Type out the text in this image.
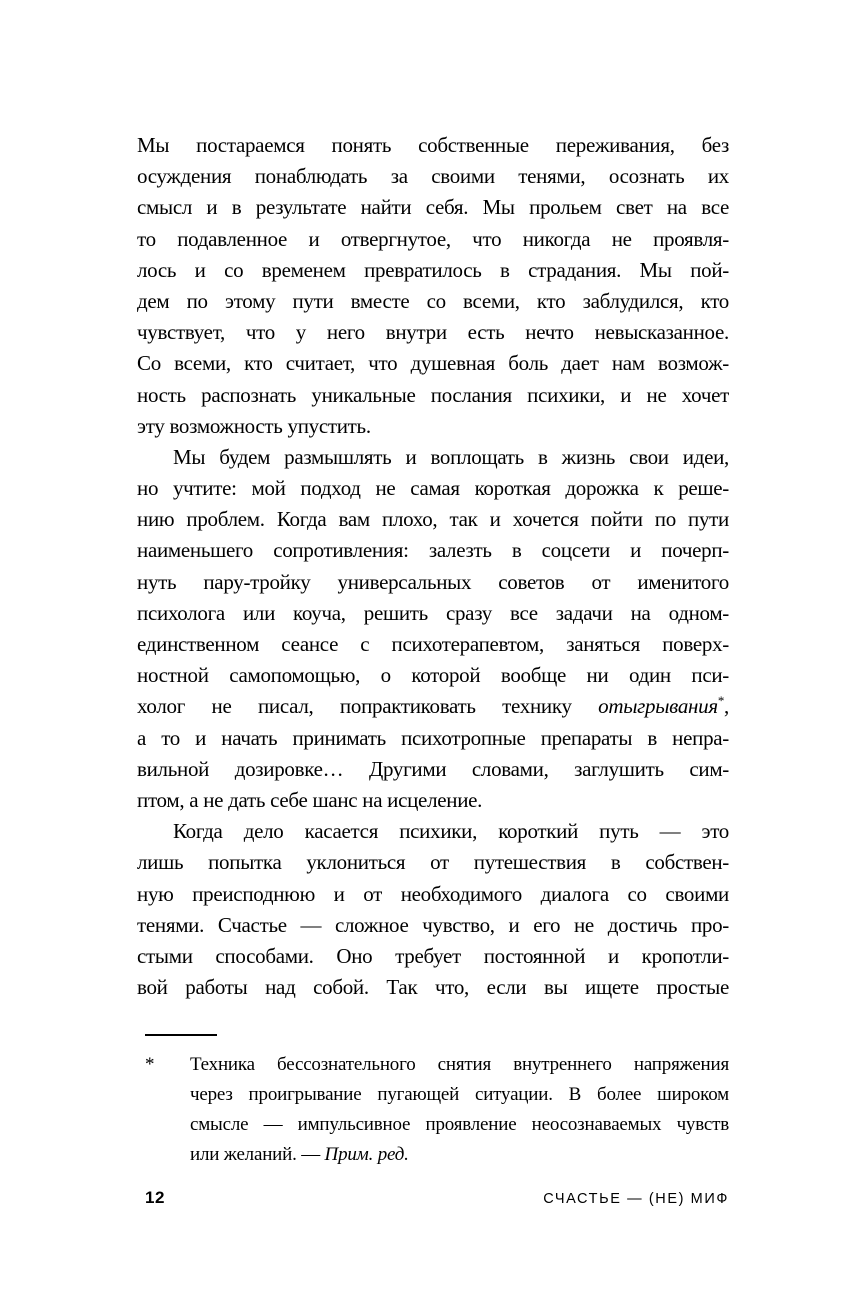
Мы постараемся понять собственные переживания, без
осуждения понаблюдать за своими тенями, осознать их
смысл и в результате найти себя. Мы прольем свет на все
то подавленное и отвергнутое, что никогда не проявля-
лось и со временем превратилось в страдания. Мы пой-
дем по этому пути вместе со всеми, кто заблудился, кто
чувствует, что у него внутри есть нечто невысказанное.
Со всеми, кто считает, что душевная боль дает нам возмож-
ность распознать уникальные послания психики, и не хочет
эту возможность упустить.
Мы будем размышлять и воплощать в жизнь свои идеи,
но учтите: мой подход не самая короткая дорожка к реше-
нию проблем. Когда вам плохо, так и хочется пойти по пути
наименьшего сопротивления: залезть в соцсети и почерп-
нуть пару-тройку универсальных советов от именитого
психолога или коуча, решить сразу все задачи на одном-
единственном сеансе с психотерапевтом, заняться поверх-
ностной самопомощью, о которой вообще ни один пси-
холог не писал, попрактиковать технику отыгрывания*,
а то и начать принимать психотропные препараты в непра-
вильной дозировке… Другими словами, заглушить сим-
птом, а не дать себе шанс на исцеление.
Когда дело касается психики, короткий путь — это
лишь попытка уклониться от путешествия в собствен-
ную преисподнюю и от необходимого диалога со своими
тенями. Счастье — сложное чувство, и его не достичь про-
стыми способами. Оно требует постоянной и кропотли-
вой работы над собой. Так что, если вы ищете простые
* Техника бессознательного снятия внутреннего напряжения
через проигрывание пугающей ситуации. В более широком
смысле — импульсивное проявление неосознаваемых чувств
или желаний. — Прим. ред.
12	СЧАСТЬЕ — (НЕ) МИФ
